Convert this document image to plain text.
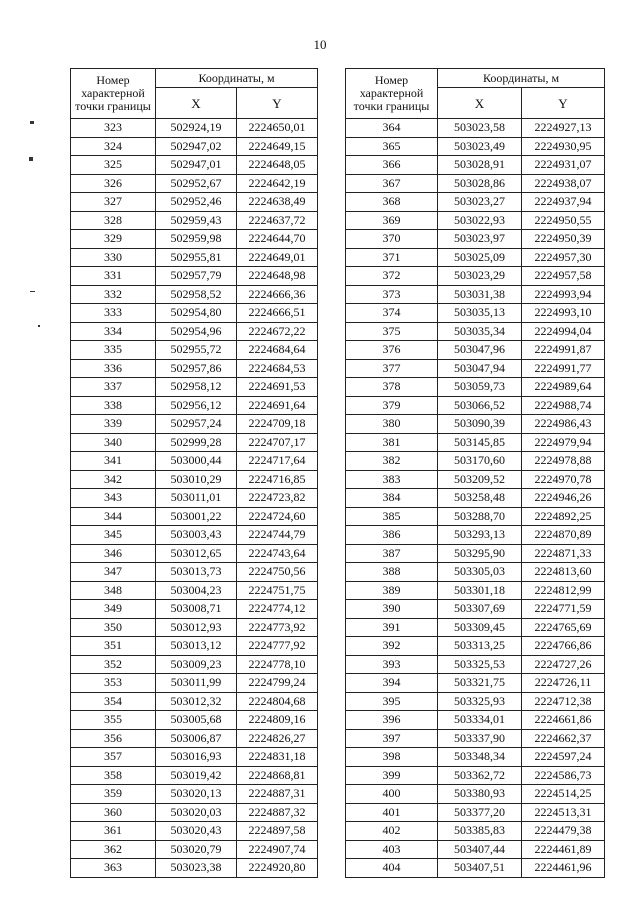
10
Номер характерной точки границы	Координаты, м	
	X	Y
323	502924,19	2224650,01
324	502947,02	2224649,15
325	502947,01	2224648,05
326	502952,67	2224642,19
327	502952,46	2224638,49
328	502959,43	2224637,72
329	502959,98	2224644,70
330	502955,81	2224649,01
331	502957,79	2224648,98
332	502958,52	2224666,36
333	502954,80	2224666,51
334	502954,96	2224672,22
335	502955,72	2224684,64
336	502957,86	2224684,53
337	502958,12	2224691,53
338	502956,12	2224691,64
339	502957,24	2224709,18
340	502999,28	2224707,17
341	503000,44	2224717,64
342	503010,29	2224716,85
343	503011,01	2224723,82
344	503001,22	2224724,60
345	503003,43	2224744,79
346	503012,65	2224743,64
347	503013,73	2224750,56
348	503004,23	2224751,75
349	503008,71	2224774,12
350	503012,93	2224773,92
351	503013,12	2224777,92
352	503009,23	2224778,10
353	503011,99	2224799,24
354	503012,32	2224804,68
355	503005,68	2224809,16
356	503006,87	2224826,27
357	503016,93	2224831,18
358	503019,42	2224868,81
359	503020,13	2224887,31
360	503020,03	2224887,32
361	503020,43	2224897,58
362	503020,79	2224907,74
363	503023,38	2224920,80
Номер характерной точки границы	Координаты, м	
	X	Y
364	503023,58	2224927,13
365	503023,49	2224930,95
366	503028,91	2224931,07
367	503028,86	2224938,07
368	503023,27	2224937,94
369	503022,93	2224950,55
370	503023,97	2224950,39
371	503025,09	2224957,30
372	503023,29	2224957,58
373	503031,38	2224993,94
374	503035,13	2224993,10
375	503035,34	2224994,04
376	503047,96	2224991,87
377	503047,94	2224991,77
378	503059,73	2224989,64
379	503066,52	2224988,74
380	503090,39	2224986,43
381	503145,85	2224979,94
382	503170,60	2224978,88
383	503209,52	2224970,78
384	503258,48	2224946,26
385	503288,70	2224892,25
386	503293,13	2224870,89
387	503295,90	2224871,33
388	503305,03	2224813,60
389	503301,18	2224812,99
390	503307,69	2224771,59
391	503309,45	2224765,69
392	503313,25	2224766,86
393	503325,53	2224727,26
394	503321,75	2224726,11
395	503325,93	2224712,38
396	503334,01	2224661,86
397	503337,90	2224662,37
398	503348,34	2224597,24
399	503362,72	2224586,73
400	503380,93	2224514,25
401	503377,20	2224513,31
402	503385,83	2224479,38
403	503407,44	2224461,89
404	503407,51	2224461,96
